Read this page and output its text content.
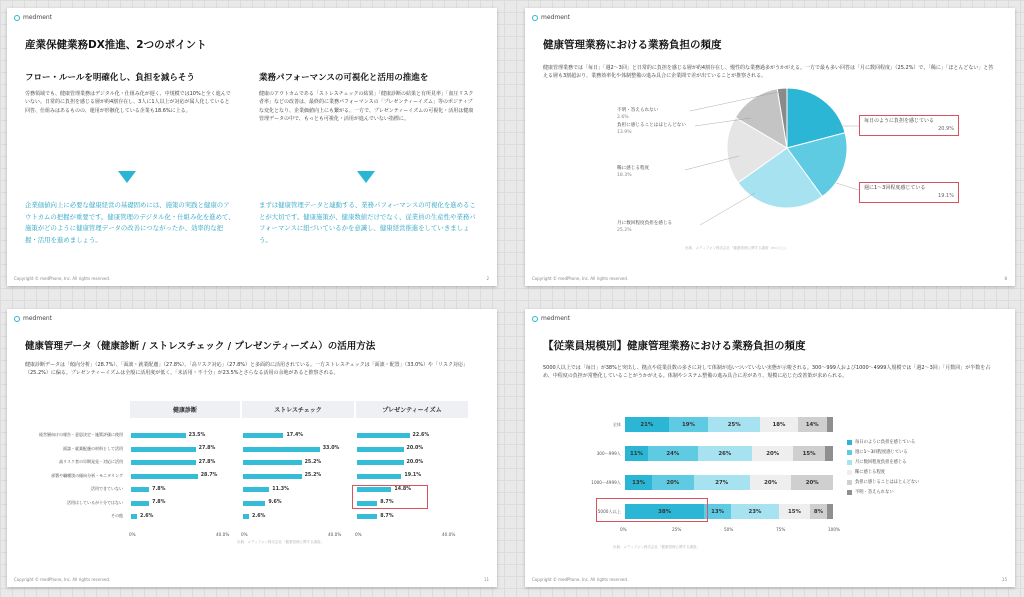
medment
産業保健業務DX推進、2つのポイント
フロー・ルールを明確化し、負担を減らそう
労務領域でも、健康管理業務はデジタル化・仕組み化が遅く、中規模では10%と全く進んでいない。日常的に負担を感じる層が約4割存在し、3人に1人以上が対応が属人化していると回答、仕組みはあるものの、運用が形骸化している企業も18.6%に上る。
企業価値向上に必要な健康経営の基礎固めには、施策の実践と健康のアウトカムの把握が重要です。健康管理のデジタル化・仕組み化を進めて、施策がどのように健康管理データの改善につながったか、効率的な把握・活用を進めましょう。
業務パフォーマンスの可視化と活用の推進を
健康のアウトカムである「ストレスチェックの結果」「健康診断の結果と有所見率」「血圧リスク者率」などの改善は、最終的に業務パフォーマンスの「プレゼンティーイズム」等のポジティブな変化となり、企業価値向上にも繋がる。一方で、プレゼンティーイズムの可視化・活用は健康管理データの中で、もっとも可視化・活用が進んでいない指標に。
まずは健康管理データと連動する、業務パフォーマンスの可視化を進めることが大切です。健康施策が、健康数値だけでなく、従業員の生産性や業務パフォーマンスに紐づいているかを意識し、健康経営推進をしていきましょう。
Copyright © medPhone, Inc. All rights reserved.	2
medment
健康管理業務における業務負担の頻度
健康管理業務では「毎日」「週2〜3回」と日常的に負担を感じる層が約4割存在し、慢性的な業務過多がうかがえる。一方で最も多い回答は「月に数回程度」（25.2%）で、「稀に」「ほとんどない」と答える層も3割超おり、業務効率化や体制整備の進み具合に企業間で差が出ていることが推察される。
不明・答えられない
2.6%
負担に感じることはほとんどない
13.9%
稀に感じる程度
18.3%
月に数回程度負担を感じる
25.2%
毎日のように負担を感じている
20.9%
週に1〜3回程度感じている
19.1%
出典：メディフォン株式会社「健康管理に関する調査（n=○○）」
Copyright © medPhone, Inc. All rights reserved.	8
medment
健康管理データ（健康診断 / ストレスチェック / プレゼンティーズム）の活用方法
健康診断データは「傾向分析」（28.7%）、「面談・就業配慮」（27.8%）、「高リスク対応」（27.8%）と多面的に活用されている。一方ストレスチェックは「面談・配置」（33.0%）や「リスク対応」（25.2%）に偏る。プレゼンティーイズムは全般に活用度が低く、「未活用・不十分」が23.5%とさらなる活用の余地があると推察される。
健康診断	ストレスチェック	プレゼンティーイズム
経営層向けの報告・意思決定・施策評価に使用	23.5%	17.4%	22.6%
面談・就業配慮の材料として活用	27.8%	33.0%	20.0%
高リスク者の早期発見・対応に活用	27.8%	25.2%	20.0%
部署や職種別の傾向分析・モニタリング	28.7%	25.2%	19.1%
活用できていない	7.8%	11.3%	14.8%
活用はしているが十分ではない	7.8%	9.6%	8.7%
その他	2.6%	2.6%	8.7%
0%	40.0%	0%	40.0%	0%	40.0%
出典：メディフォン株式会社「健康管理に関する調査」
Copyright © medPhone, Inc. All rights reserved.	11
medment
【従業員規模別】健康管理業務における業務負担の頻度
5000人以上では「毎日」が38%と突出し、拠点や従業員数の多さに対して体制が追いついていない実態が示唆される。300〜999人および1000〜4999人規模では「週2〜3回」「月数回」が半数を占め、中程度の負担が常態化していることがうかがえる。体制やシステム整備の進み具合に差があり、規模に応じた改善策が求められる。
全体	21%	19%	25%	18%	14%
300〜999人	11%	24%	26%	20%	15%
1000〜4999人	13%	20%	27%	20%	20%
5000人以上	38%	13%	23%	15%	8%
0%	25%	50%	75%	100%
毎日のように負担を感じている
週に1〜3回程度感じている
月に数回程度負担を感じる
稀に感じる程度
負担に感じることはほとんどない
不明・答えられない
出典：メディフォン株式会社「健康管理に関する調査」
Copyright © medPhone, Inc. All rights reserved.	15
